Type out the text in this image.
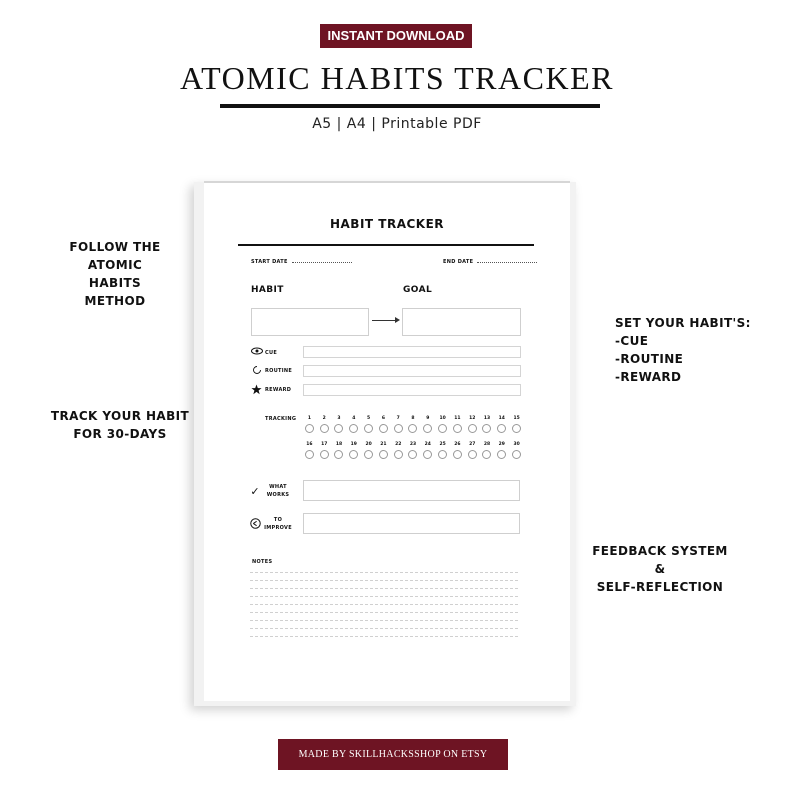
INSTANT DOWNLOAD
ATOMIC HABITS TRACKER
A5 | A4 | Printable PDF
FOLLOW THE
ATOMIC HABITS
METHOD
TRACK YOUR HABIT
FOR 30-DAYS
SET YOUR HABIT'S:
-CUE
-ROUTINE
-REWARD
FEEDBACK SYSTEM
&
SELF-REFLECTION
HABIT TRACKER
START DATE	END DATE
HABIT	GOAL
CUE
ROUTINE
REWARD
TRACKING	1	2	3	4	5	6	7	8	9	10	11	12	13	14	15
16	17	18	19	20	21	22	23	24	25	26	27	28	29	30
✓	WHAT
WORKS
TO
IMPROVE
NOTES
MADE BY SKILLHACKSSHOP ON ETSY
